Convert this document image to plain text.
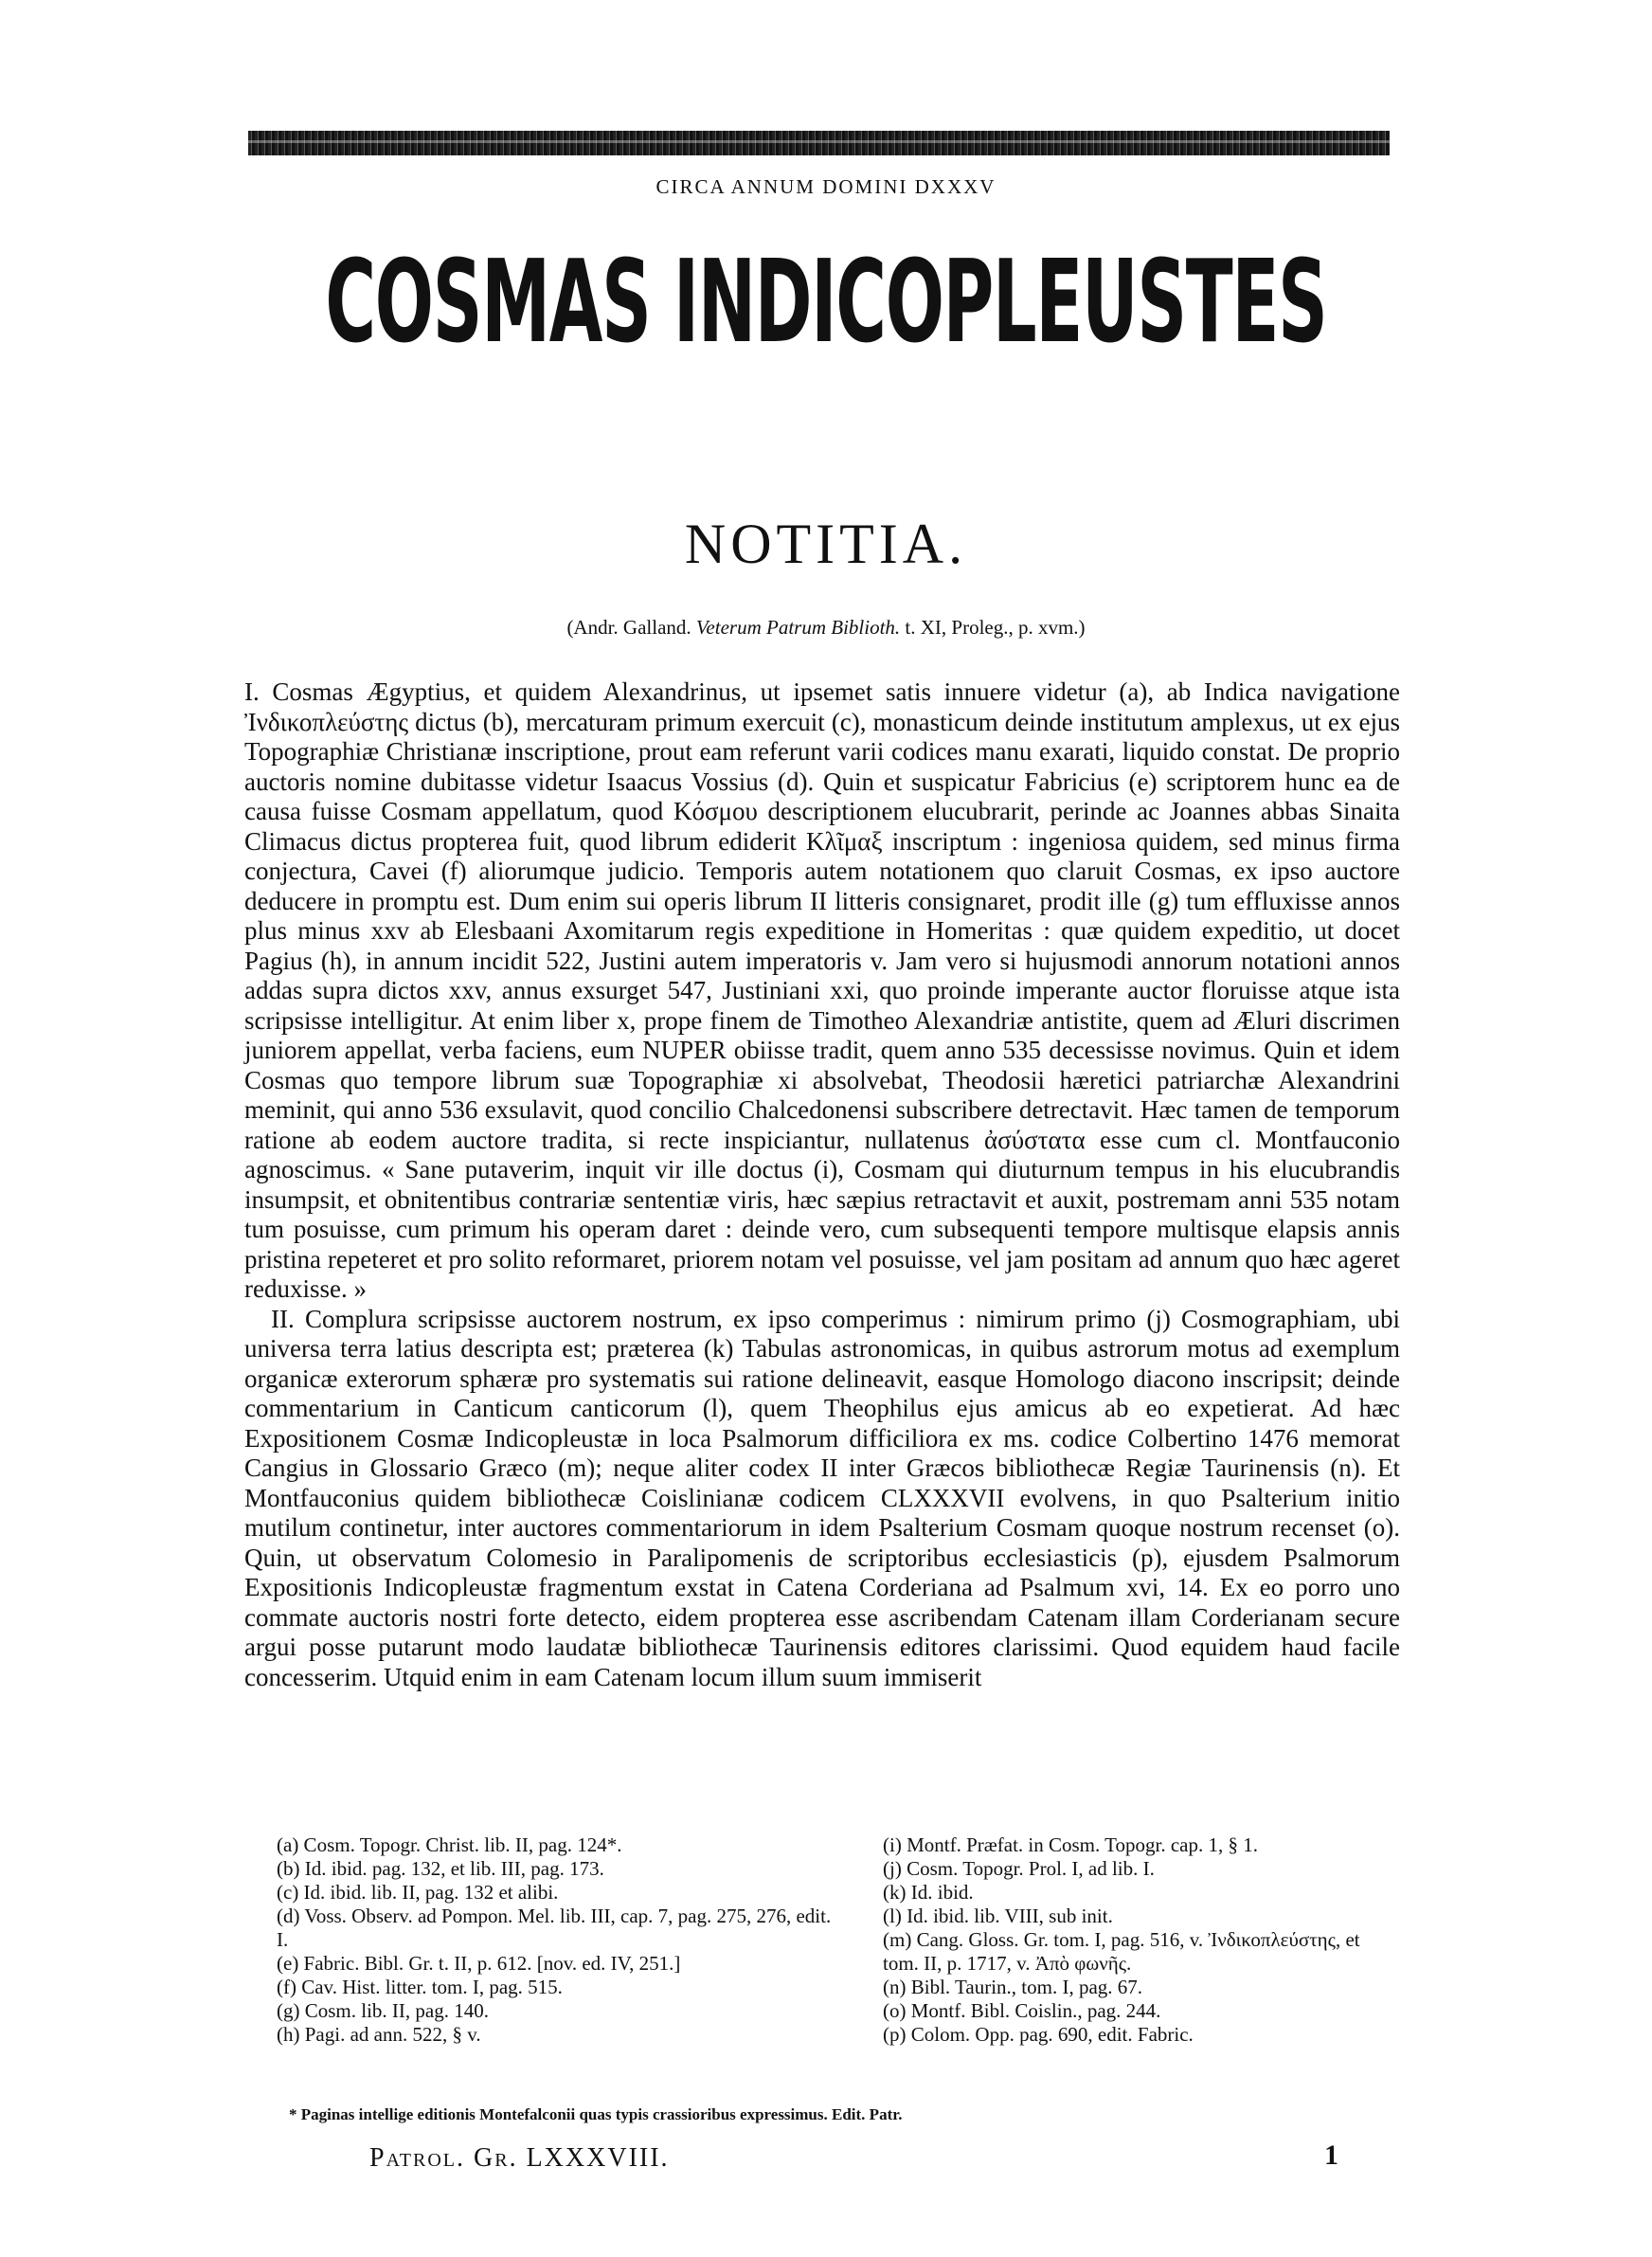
CIRCA ANNUM DOMINI DXXXV
COSMAS INDICOPLEUSTES
NOTITIA.
(Andr. Galland. Veterum Patrum Biblioth. t. XI, Proleg., p. xvm.)

I. Cosmas Ægyptius, et quidem Alexandrinus, ut ipsemet satis innuere videtur (a), ab Indica navigatione Ἰνδικοπλεύστης dictus (b), mercaturam primum exercuit (c), monasticum deinde institutum amplexus, ut ex ejus Topographiæ Christianæ inscriptione, prout eam referunt varii codices manu exarati, liquido constat. De proprio auctoris nomine dubitasse videtur Isaacus Vossius (d). Quin et suspicatur Fabricius (e) scriptorem hunc ea de causa fuisse Cosmam appellatum, quod Κόσμου descriptionem elucubrarit, perinde ac Joannes abbas Sinaita Climacus dictus propterea fuit, quod librum ediderit Κλῖμαξ inscriptum : ingeniosa quidem, sed minus firma conjectura, Cavei (f) aliorumque judicio. Temporis autem notationem quo claruit Cosmas, ex ipso auctore deducere in promptu est. Dum enim sui operis librum II litteris consignaret, prodit ille (g) tum effluxisse annos plus minus xxv ab Elesbaani Axomitarum regis expeditione in Homeritas : quæ quidem expeditio, ut docet Pagius (h), in annum incidit 522, Justini autem imperatoris v. Jam vero si hujusmodi annorum notationi annos addas supra dictos xxv, annus exsurget 547, Justiniani xxi, quo proinde imperante auctor floruisse atque ista scripsisse intelligitur. At enim liber x, prope finem de Timotheo Alexandriæ antistite, quem ad Æluri discrimen juniorem appellat, verba faciens, eum NUPER obiisse tradit, quem anno 535 decessisse novimus. Quin et idem Cosmas quo tempore librum suæ Topographiæ xi absolvebat, Theodosii hæretici patriarchæ Alexandrini meminit, qui anno 536 exsulavit, quod concilio Chalcedonensi subscribere detrectavit. Hæc tamen de temporum ratione ab eodem auctore tradita, si recte inspiciantur, nullatenus ἀσύστατα esse cum cl. Montfauconio agnoscimus. « Sane putaverim, inquit vir ille doctus (i), Cosmam qui diuturnum tempus in his elucubrandis insumpsit, et obnitentibus contrariæ sententiæ viris, hæc sæpius retractavit et auxit, postremam anni 535 notam tum posuisse, cum primum his operam daret : deinde vero, cum subsequenti tempore multisque elapsis annis pristina repeteret et pro solito reformaret, priorem notam vel posuisse, vel jam positam ad annum quo hæc ageret reduxisse. »

II. Complura scripsisse auctorem nostrum, ex ipso comperimus : nimirum primo (j) Cosmographiam, ubi universa terra latius descripta est; præterea (k) Tabulas astronomicas, in quibus astrorum motus ad exemplum organicæ exterorum sphæræ pro systematis sui ratione delineavit, easque Homologo diacono inscripsit; deinde commentarium in Canticum canticorum (l), quem Theophilus ejus amicus ab eo expetierat. Ad hæc Expositionem Cosmæ Indicopleustæ in loca Psalmorum difficiliora ex ms. codice Colbertino 1476 memorat Cangius in Glossario Græco (m); neque aliter codex II inter Græcos bibliothecæ Regiæ Taurinensis (n). Et Montfauconius quidem bibliothecæ Coislinianæ codicem CLXXXVII evolvens, in quo Psalterium initio mutilum continetur, inter auctores commentariorum in idem Psalterium Cosmam quoque nostrum recenset (o). Quin, ut observatum Colomesio in Paralipomenis de scriptoribus ecclesiasticis (p), ejusdem Psalmorum Expositionis Indicopleustæ fragmentum exstat in Catena Corderiana ad Psalmum xvi, 14. Ex eo porro uno commate auctoris nostri forte detecto, eidem propterea esse ascribendam Catenam illam Corderianam secure argui posse putarunt modo laudatæ bibliothecæ Taurinensis editores clarissimi. Quod equidem haud facile concesserim. Utquid enim in eam Catenam locum illum suum immiserit

(a) Cosm. Topogr. Christ. lib. II, pag. 124*.

(b) Id. ibid. pag. 132, et lib. III, pag. 173.

(c) Id. ibid. lib. II, pag. 132 et alibi.

(d) Voss. Observ. ad Pompon. Mel. lib. III, cap. 7, pag. 275, 276, edit. I.

(e) Fabric. Bibl. Gr. t. II, p. 612. [nov. ed. IV, 251.]

(f) Cav. Hist. litter. tom. I, pag. 515.

(g) Cosm. lib. II, pag. 140.

(h) Pagi. ad ann. 522, § v.

(i) Montf. Præfat. in Cosm. Topogr. cap. 1, § 1.

(j) Cosm. Topogr. Prol. I, ad lib. I.

(k) Id. ibid.

(l) Id. ibid. lib. VIII, sub init.

(m) Cang. Gloss. Gr. tom. I, pag. 516, v. Ἰνδικοπλεύστης, et tom. II, p. 1717, v. Ἀπὸ φωνῆς.

(n) Bibl. Taurin., tom. I, pag. 67.

(o) Montf. Bibl. Coislin., pag. 244.

(p) Colom. Opp. pag. 690, edit. Fabric.

* Paginas intellige editionis Montefalconii quas typis crassioribus expressimus. Edit. Patr.
Patrol. Gr. LXXXVIII.	1
